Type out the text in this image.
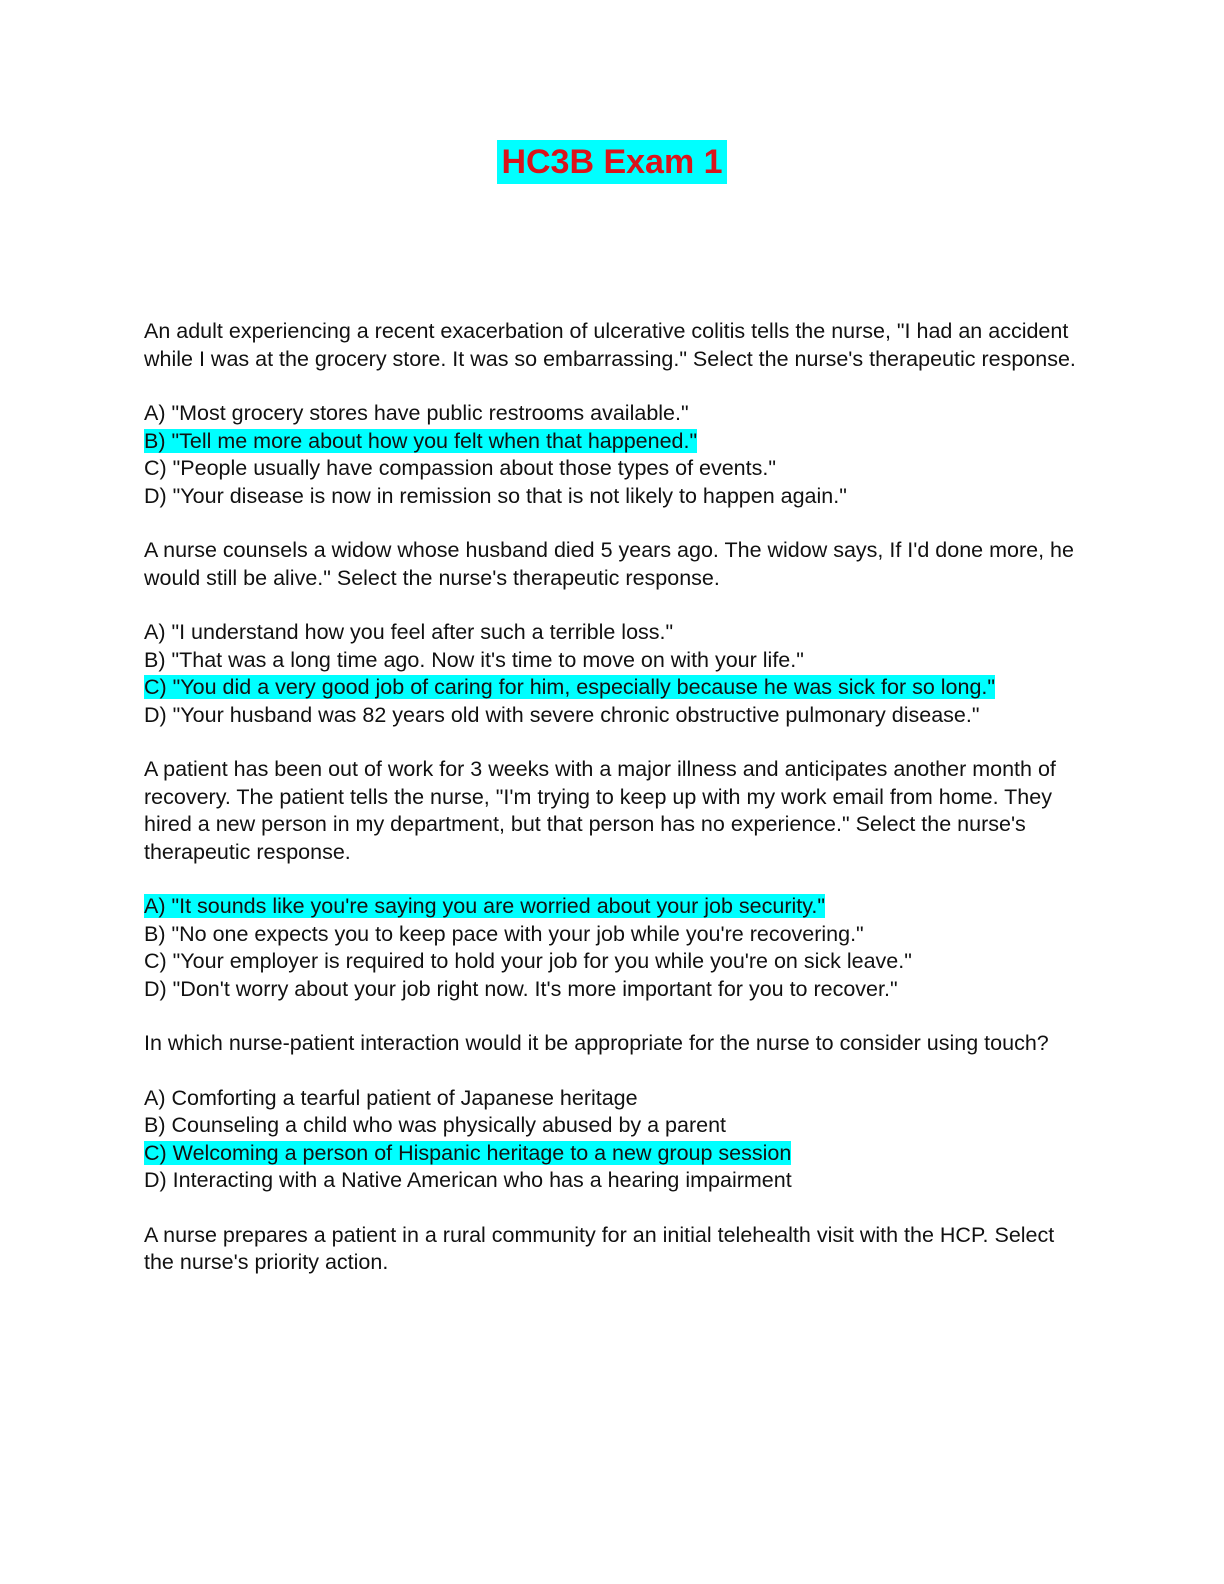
HC3B Exam 1

An adult experiencing a recent exacerbation of ulcerative colitis tells the nurse, "I had an accident while I was at the grocery store. It was so embarrassing." Select the nurse's therapeutic response.

A) "Most grocery stores have public restrooms available."
B) "Tell me more about how you felt when that happened."
C) "People usually have compassion about those types of events."
D) "Your disease is now in remission so that is not likely to happen again."

A nurse counsels a widow whose husband died 5 years ago. The widow says, If I'd done more, he would still be alive." Select the nurse's therapeutic response.

A) "I understand how you feel after such a terrible loss."
B) "That was a long time ago. Now it's time to move on with your life."
C) "You did a very good job of caring for him, especially because he was sick for so long."
D) "Your husband was 82 years old with severe chronic obstructive pulmonary disease."

A patient has been out of work for 3 weeks with a major illness and anticipates another month of recovery. The patient tells the nurse, "I'm trying to keep up with my work email from home. They hired a new person in my department, but that person has no experience." Select the nurse's therapeutic response.

A) "It sounds like you're saying you are worried about your job security."
B) "No one expects you to keep pace with your job while you're recovering."
C) "Your employer is required to hold your job for you while you're on sick leave."
D) "Don't worry about your job right now. It's more important for you to recover."

In which nurse-patient interaction would it be appropriate for the nurse to consider using touch?

A) Comforting a tearful patient of Japanese heritage
B) Counseling a child who was physically abused by a parent
C) Welcoming a person of Hispanic heritage to a new group session
D) Interacting with a Native American who has a hearing impairment

A nurse prepares a patient in a rural community for an initial telehealth visit with the HCP. Select the nurse's priority action.
